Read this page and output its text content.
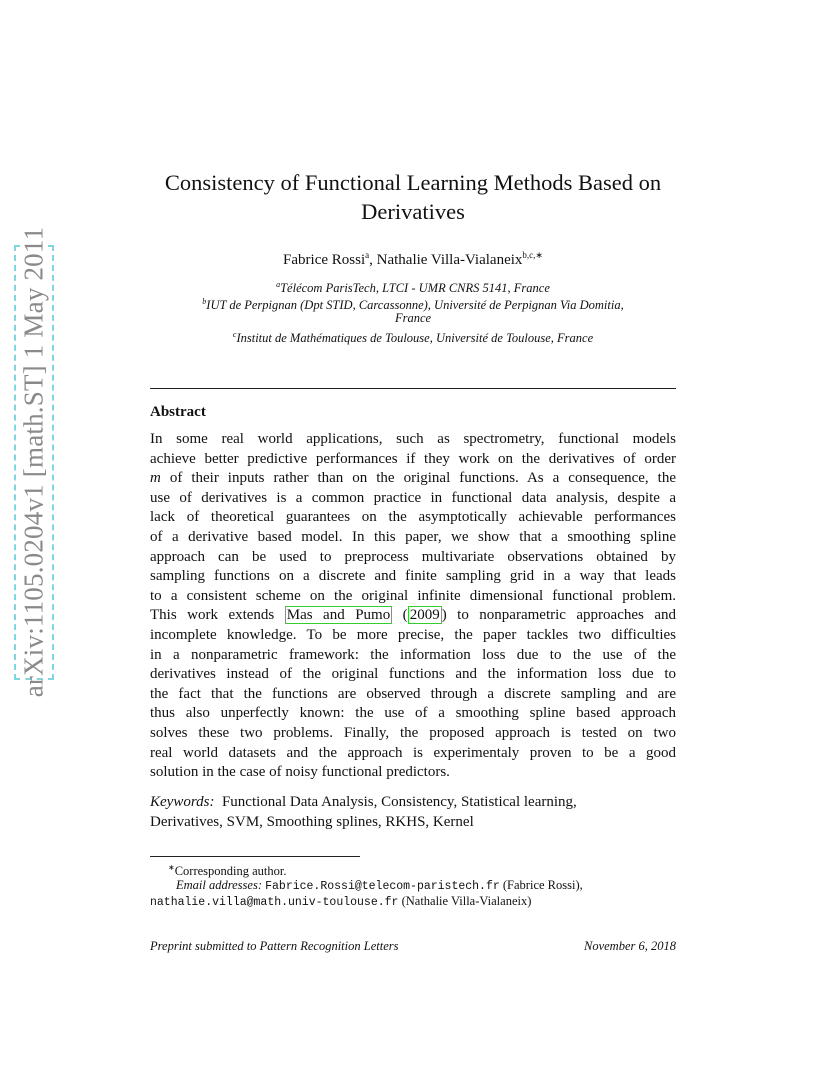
arXiv:1105.0204v1 [math.ST] 1 May 2011
Consistency of Functional Learning Methods Based on
Derivatives
Fabrice Rossi$^a$, Nathalie Villa-Vialaneix$^{b,c,∗}$
$^a$Télécom ParisTech, LTCI - UMR CNRS 5141, France
$^b$IUT de Perpignan (Dpt STID, Carcassonne), Université de Perpignan Via Domitia,
France
$^c$Institut de Mathématiques de Toulouse, Université de Toulouse, France
Abstract
In some real world applications, such as spectrometry, functional models
achieve better predictive performances if they work on the derivatives of order
m of their inputs rather than on the original functions. As a consequence, the
use of derivatives is a common practice in functional data analysis, despite a
lack of theoretical guarantees on the asymptotically achievable performances
of a derivative based model. In this paper, we show that a smoothing spline
approach can be used to preprocess multivariate observations obtained by
sampling functions on a discrete and finite sampling grid in a way that leads
to a consistent scheme on the original infinite dimensional functional problem.
This work extends Mas and Pumo ( 2009 ) to nonparametric approaches and
incomplete knowledge. To be more precise, the paper tackles two difficulties
in a nonparametric framework: the information loss due to the use of the
derivatives instead of the original functions and the information loss due to
the fact that the functions are observed through a discrete sampling and are
thus also unperfectly known: the use of a smoothing spline based approach
solves these two problems. Finally, the proposed approach is tested on two
real world datasets and the approach is experimentaly proven to be a good
solution in the case of noisy functional predictors.
Keywords: Functional Data Analysis, Consistency, Statistical learning,
Derivatives, SVM, Smoothing splines, RKHS, Kernel
∗Corresponding author.
Email addresses: Fabrice.Rossi@telecom-paristech.fr (Fabrice Rossi),
nathalie.villa@math.univ-toulouse.fr (Nathalie Villa-Vialaneix)
Preprint submitted to Pattern Recognition Letters	November 6, 2018
